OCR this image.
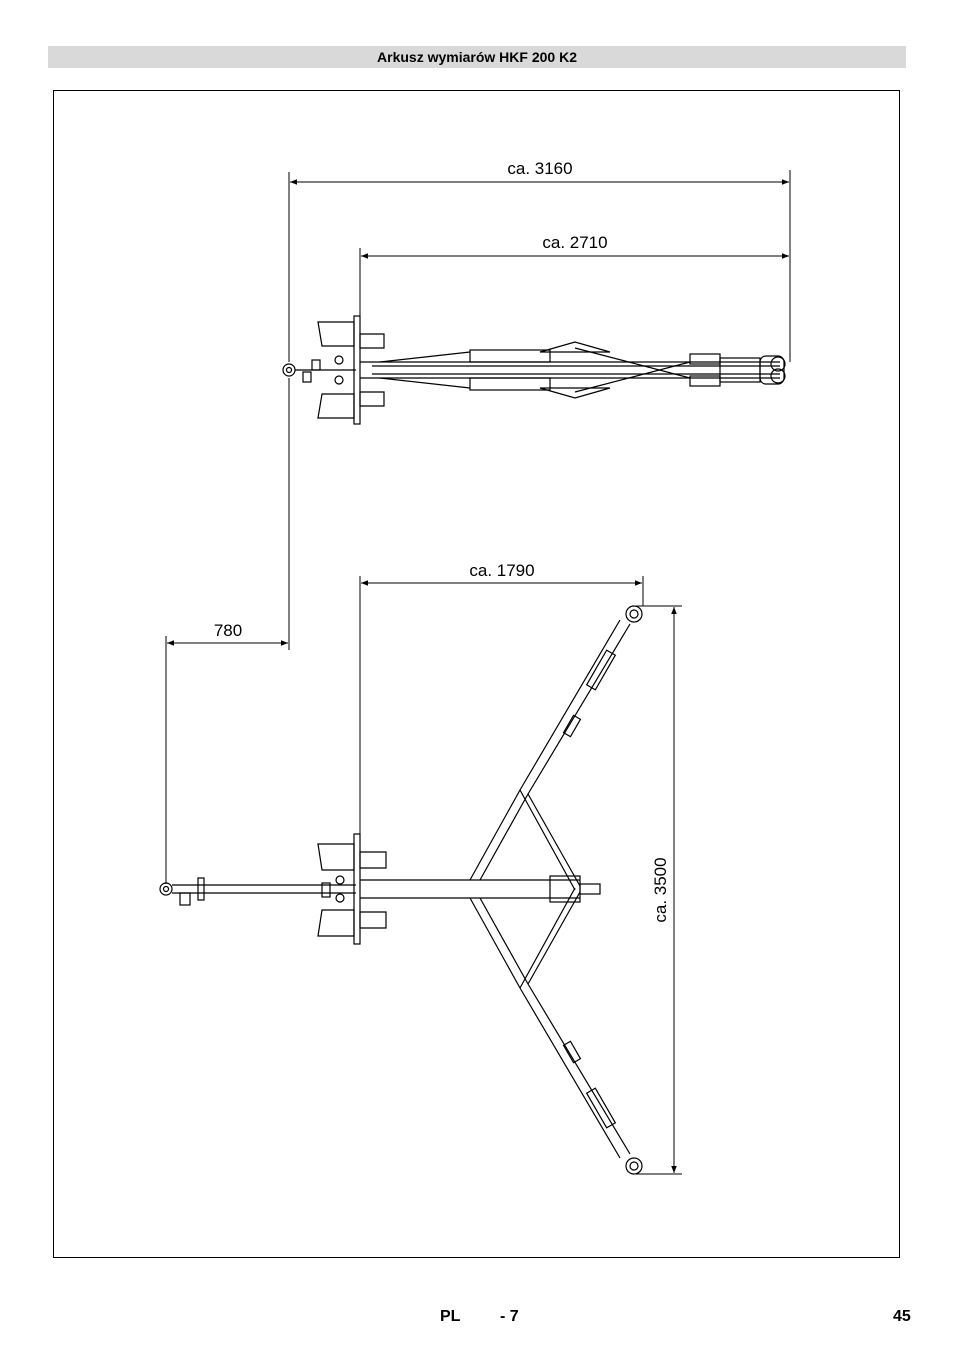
Arkusz wymiarów HKF 200 K2
ca. 3160
ca. 2710
780
ca. 1790
ca. 3500
PL - 7	45
